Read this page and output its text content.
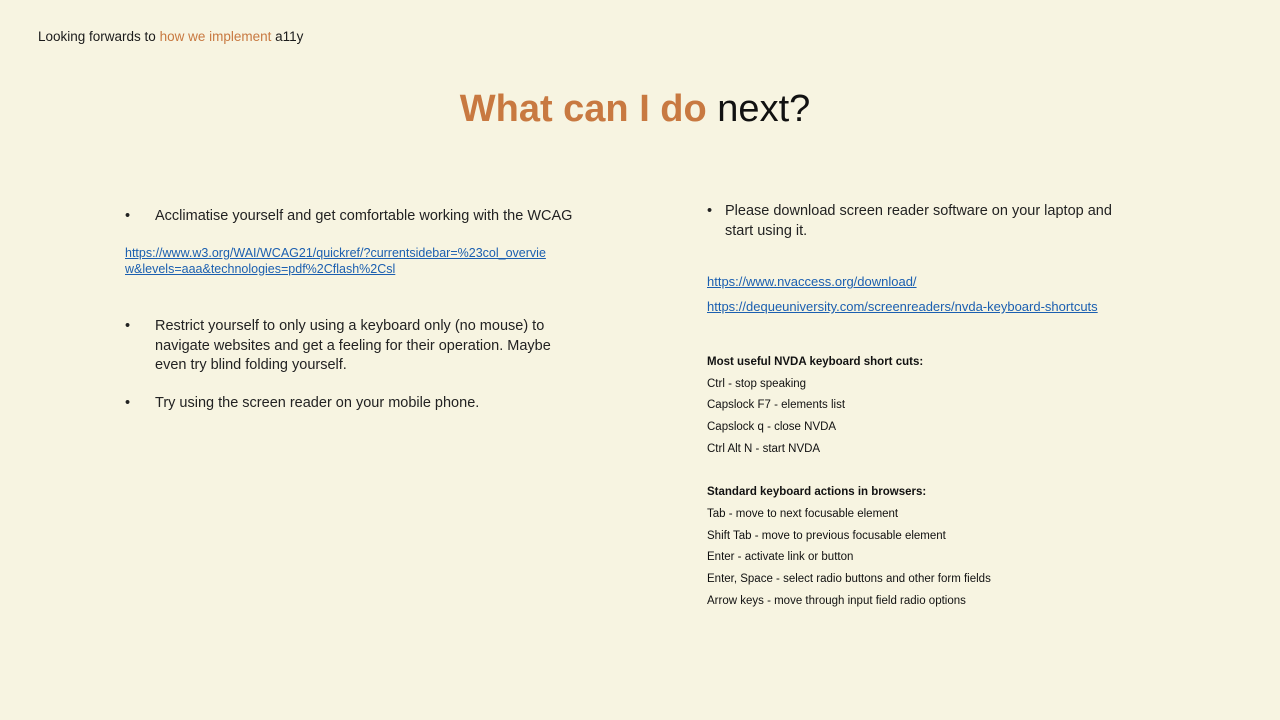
Looking forwards to how we implement a11y
What can I do next?
• Acclimatise yourself and get comfortable working with the WCAG
https://www.w3.org/WAI/WCAG21/quickref/?currentsidebar=%23col_overvie
w&levels=aaa&technologies=pdf%2Cflash%2Csl
• Restrict yourself to only using a keyboard only (no mouse) to navigate websites and get a feeling for their operation. Maybe even try blind folding yourself.
• Try using the screen reader on your mobile phone.
• Please download screen reader software on your laptop and start using it.
https://www.nvaccess.org/download/
https://dequeuniversity.com/screenreaders/nvda-keyboard-shortcuts
Most useful NVDA keyboard short cuts:
Ctrl - stop speaking
Capslock F7 - elements list
Capslock q - close NVDA
Ctrl Alt N - start NVDA
Standard keyboard actions in browsers:
Tab - move to next focusable element
Shift Tab - move to previous focusable element
Enter - activate link or button
Enter, Space - select radio buttons and other form fields
Arrow keys - move through input field radio options
